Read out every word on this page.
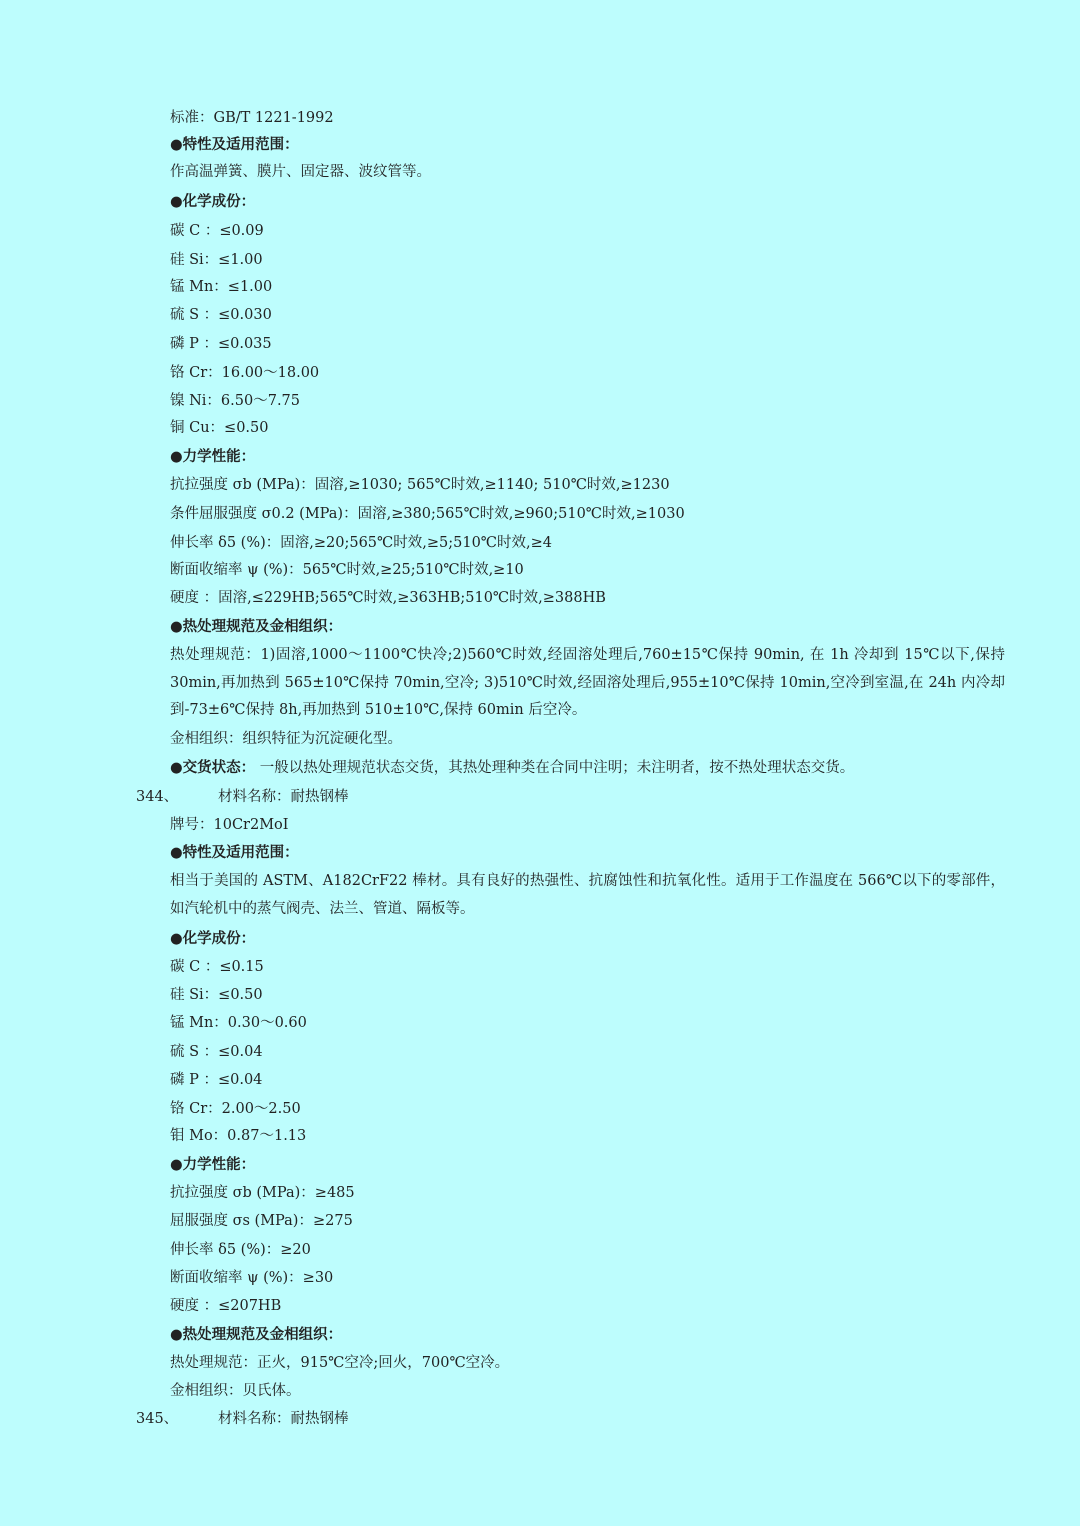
标准：GB/T 1221-1992
●特性及适用范围：
作高温弹簧、膜片、固定器、波纹管等。
●化学成份：
碳 C ：≤0.09
硅 Si：≤1.00
锰 Mn：≤1.00
硫 S ：≤0.030
磷 P ：≤0.035
铬 Cr：16.00～18.00
镍 Ni：6.50～7.75
铜 Cu：≤0.50
●力学性能：
抗拉强度 σb (MPa)：固溶,≥1030; 565℃时效,≥1140; 510℃时效,≥1230
条件屈服强度 σ0.2 (MPa)：固溶,≥380;565℃时效,≥960;510℃时效,≥1030
伸长率 δ5 (%)：固溶,≥20;565℃时效,≥5;510℃时效,≥4
断面收缩率 ψ (%)：565℃时效,≥25;510℃时效,≥10
硬度 ：固溶,≤229HB;565℃时效,≥363HB;510℃时效,≥388HB
●热处理规范及金相组织：
热处理规范：1)固溶,1000～1100℃快冷;2)560℃时效,经固溶处理后,760±15℃保持 90min, 在 1h 冷却到 15℃以下,保持 30min,再加热到 565±10℃保持 70min,空冷; 3)510℃时效,经固溶处理后,955±10℃保持 10min,空冷到室温,在 24h 内冷却到-73±6℃保持 8h,再加热到 510±10℃,保持 60min 后空冷。
金相组织：组织特征为沉淀硬化型。
●交货状态： 一般以热处理规范状态交货，其热处理种类在合同中注明；未注明者，按不热处理状态交货。
344、	材料名称：耐热钢棒
牌号：10Cr2MoI
●特性及适用范围：
相当于美国的 ASTM、A182CrF22 棒材。具有良好的热强性、抗腐蚀性和抗氧化性。适用于工作温度在 566℃以下的零部件，如汽轮机中的蒸气阀壳、法兰、管道、隔板等。
●化学成份：
碳 C ：≤0.15
硅 Si：≤0.50
锰 Mn：0.30～0.60
硫 S ：≤0.04
磷 P ：≤0.04
铬 Cr：2.00～2.50
钼 Mo：0.87～1.13
●力学性能：
抗拉强度 σb (MPa)：≥485
屈服强度 σs (MPa)：≥275
伸长率 δ5 (%)：≥20
断面收缩率 ψ (%)：≥30
硬度 ：≤207HB
●热处理规范及金相组织：
热处理规范：正火，915℃空冷;回火，700℃空冷。
金相组织：贝氏体。
345、	材料名称：耐热钢棒
